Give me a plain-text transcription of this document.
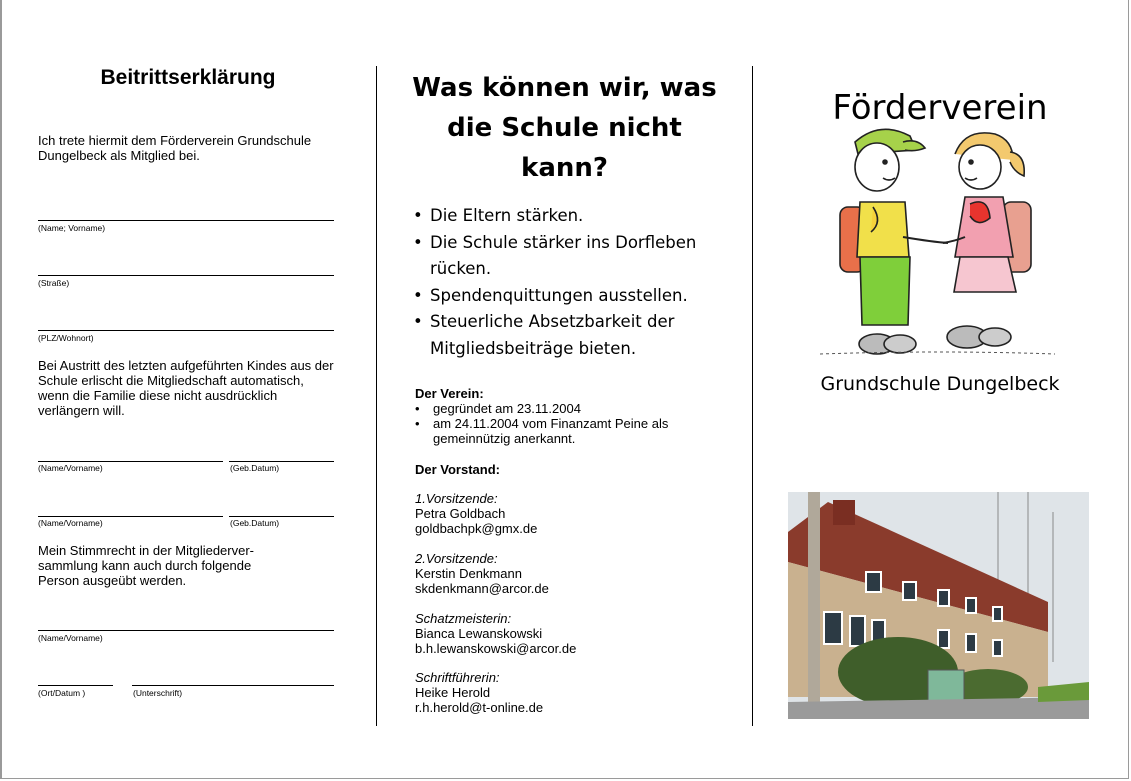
Beitrittserklärung
Ich trete hiermit dem Förderverein Grundschule Dungelbeck als Mitglied bei.
(Name; Vorname)
(Straße)
(PLZ/Wohnort)
Bei Austritt des letzten aufgeführten Kindes aus der Schule erlischt die Mitgliedschaft automatisch, wenn die Familie diese nicht ausdrücklich verlängern will.
(Name/Vorname)	(Geb.Datum)
(Name/Vorname)	(Geb.Datum)
Mein Stimmrecht in der Mitgliederver-sammlung kann auch durch folgende Person ausgeübt werden.
(Name/Vorname)
(Ort/Datum )	(Unterschrift)
Was können wir, was
die Schule nicht
kann?
• Die Eltern stärken.
• Die Schule stärker ins Dorfleben rücken.
• Spendenquittungen ausstellen.
• Steuerliche Absetzbarkeit der Mitgliedsbeiträge bieten.
Der Verein:
• gegründet am 23.11.2004
• am 24.11.2004 vom Finanzamt Peine als gemeinnützig anerkannt.
Der Vorstand:
1.Vorsitzende:
Petra Goldbach
goldbachpk@gmx.de
2.Vorsitzende:
Kerstin Denkmann
skdenkmann@arcor.de
Schatzmeisterin:
Bianca Lewanskowski
b.h.lewanskowski@arcor.de
Schriftführerin:
Heike Herold
r.h.herold@t-online.de
Förderverein
Grundschule Dungelbeck
